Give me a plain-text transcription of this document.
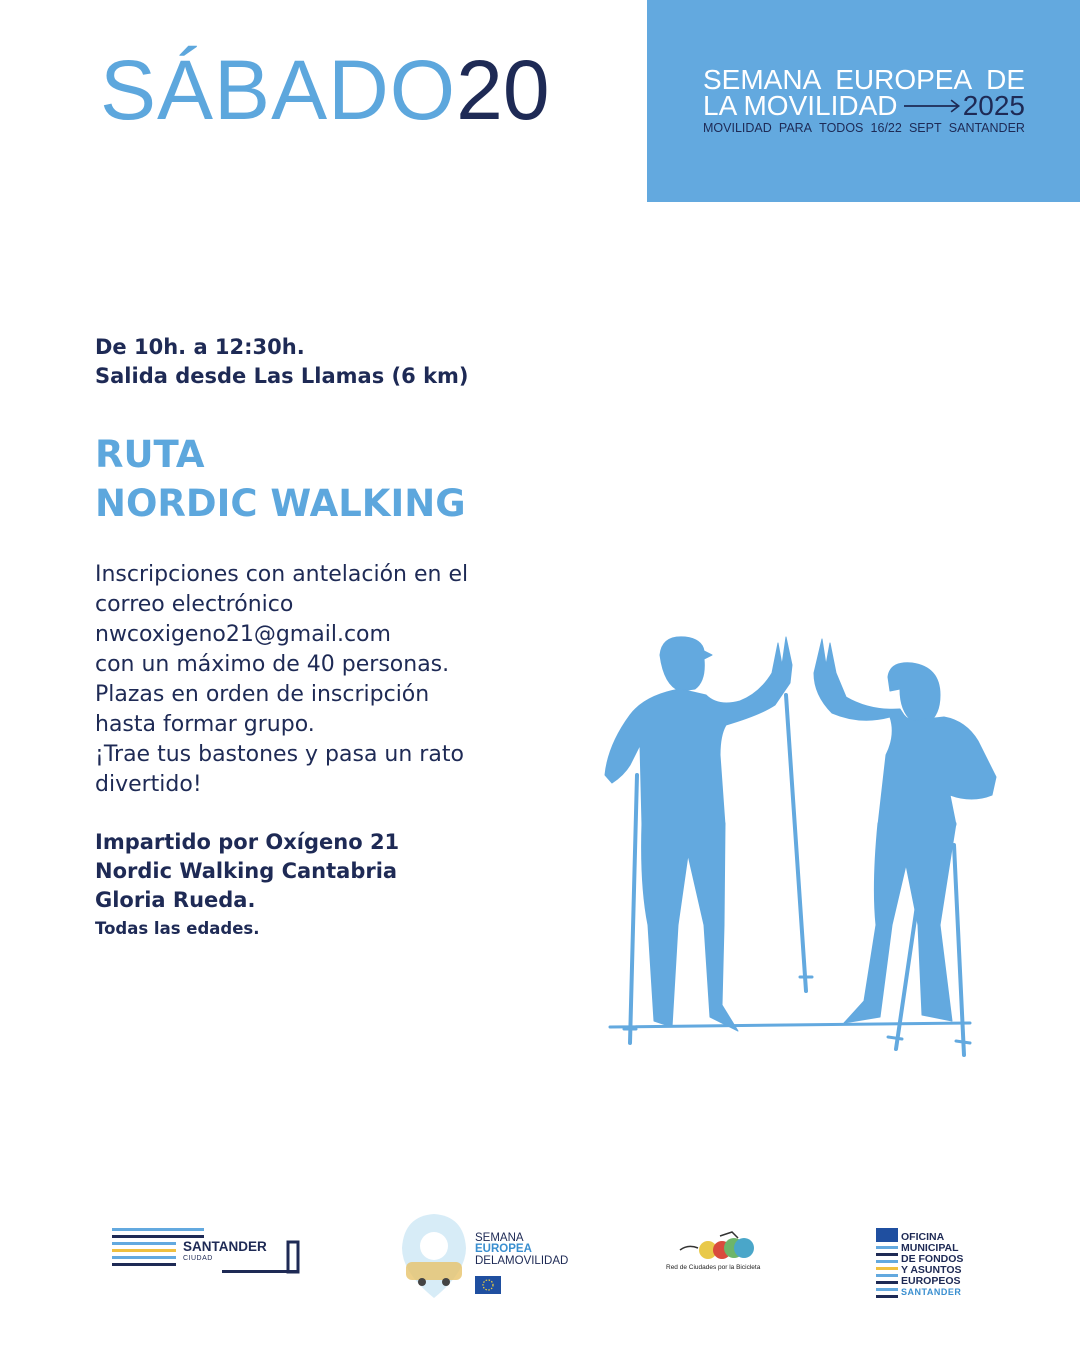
SÁBADO20	SEMANA EUROPEA DE
LA MOVILIDAD 2025
MOVILIDAD PARA TODOS 16/22 SEPT SANTANDER
De 10h. a 12:30h.
Salida desde Las Llamas (6 km)
RUTA
NORDIC WALKING
Inscripciones con antelación en el
correo electrónico
nwcoxigeno21@gmail.com
con un máximo de 40 personas.
Plazas en orden de inscripción
hasta formar grupo.
¡Trae tus bastones y pasa un rato
divertido!
Impartido por Oxígeno 21
Nordic Walking Cantabria
Gloria Rueda.
Todas las edades.
SANTANDER
CIUDAD
SEMANA
EUROPEA
DELAMOVILIDAD
Red de Ciudades por la Bicicleta
OFICINA
MUNICIPAL
DE FONDOS
Y ASUNTOS
EUROPEOS
SANTANDER
